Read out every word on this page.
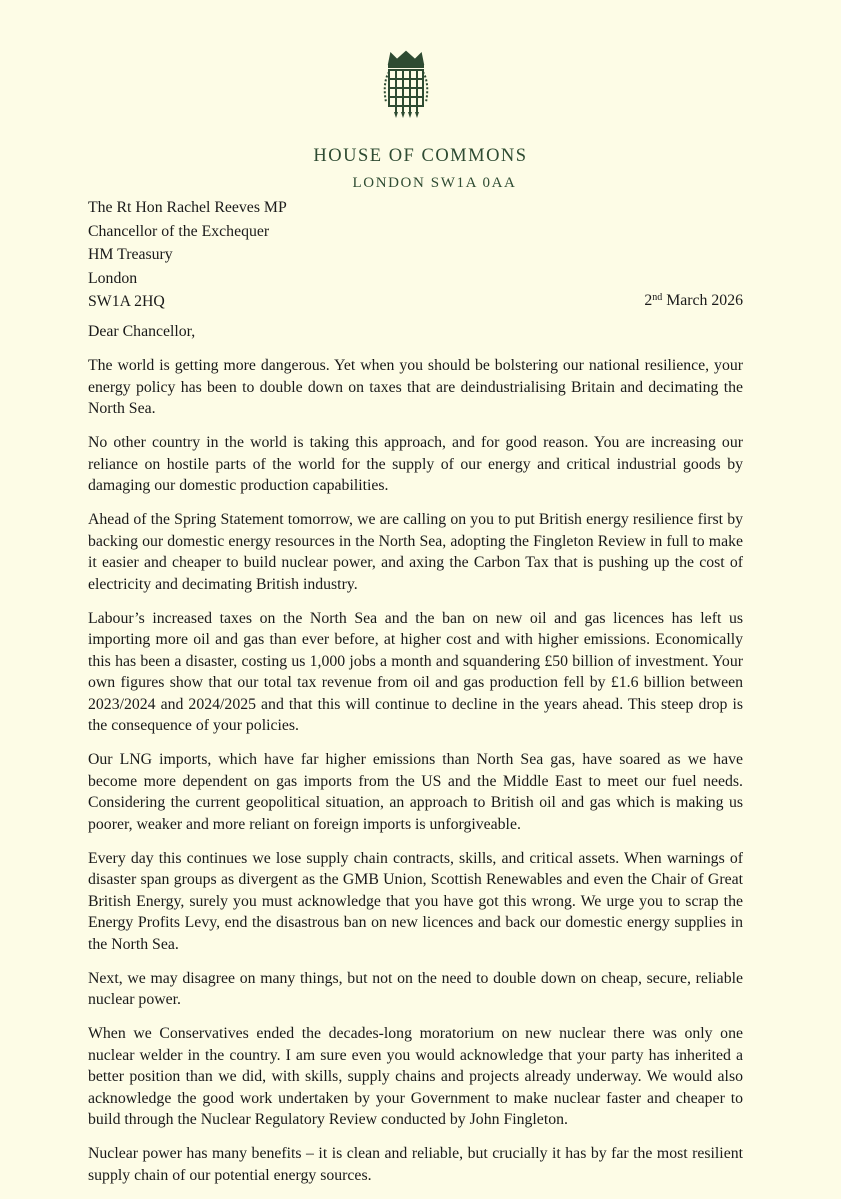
HOUSE OF COMMONS
LONDON SW1A 0AA
The Rt Hon Rachel Reeves MP
Chancellor of the Exchequer
HM Treasury
London
SW1A 2HQ	2nd March 2026
Dear Chancellor,

The world is getting more dangerous. Yet when you should be bolstering our national resilience, your energy policy has been to double down on taxes that are deindustrialising Britain and decimating the North Sea.

No other country in the world is taking this approach, and for good reason. You are increasing our reliance on hostile parts of the world for the supply of our energy and critical industrial goods by damaging our domestic production capabilities.

Ahead of the Spring Statement tomorrow, we are calling on you to put British energy resilience first by backing our domestic energy resources in the North Sea, adopting the Fingleton Review in full to make it easier and cheaper to build nuclear power, and axing the Carbon Tax that is pushing up the cost of electricity and decimating British industry.

Labour’s increased taxes on the North Sea and the ban on new oil and gas licences has left us importing more oil and gas than ever before, at higher cost and with higher emissions. Economically this has been a disaster, costing us 1,000 jobs a month and squandering £50 billion of investment. Your own figures show that our total tax revenue from oil and gas production fell by £1.6 billion between 2023/2024 and 2024/2025 and that this will continue to decline in the years ahead. This steep drop is the consequence of your policies.

Our LNG imports, which have far higher emissions than North Sea gas, have soared as we have become more dependent on gas imports from the US and the Middle East to meet our fuel needs. Considering the current geopolitical situation, an approach to British oil and gas which is making us poorer, weaker and more reliant on foreign imports is unforgiveable.

Every day this continues we lose supply chain contracts, skills, and critical assets. When warnings of disaster span groups as divergent as the GMB Union, Scottish Renewables and even the Chair of Great British Energy, surely you must acknowledge that you have got this wrong. We urge you to scrap the Energy Profits Levy, end the disastrous ban on new licences and back our domestic energy supplies in the North Sea.

Next, we may disagree on many things, but not on the need to double down on cheap, secure, reliable nuclear power.

When we Conservatives ended the decades-long moratorium on new nuclear there was only one nuclear welder in the country. I am sure even you would acknowledge that your party has inherited a better position than we did, with skills, supply chains and projects already underway. We would also acknowledge the good work undertaken by your Government to make nuclear faster and cheaper to build through the Nuclear Regulatory Review conducted by John Fingleton.

Nuclear power has many benefits – it is clean and reliable, but crucially it has by far the most resilient supply chain of our potential energy sources.
